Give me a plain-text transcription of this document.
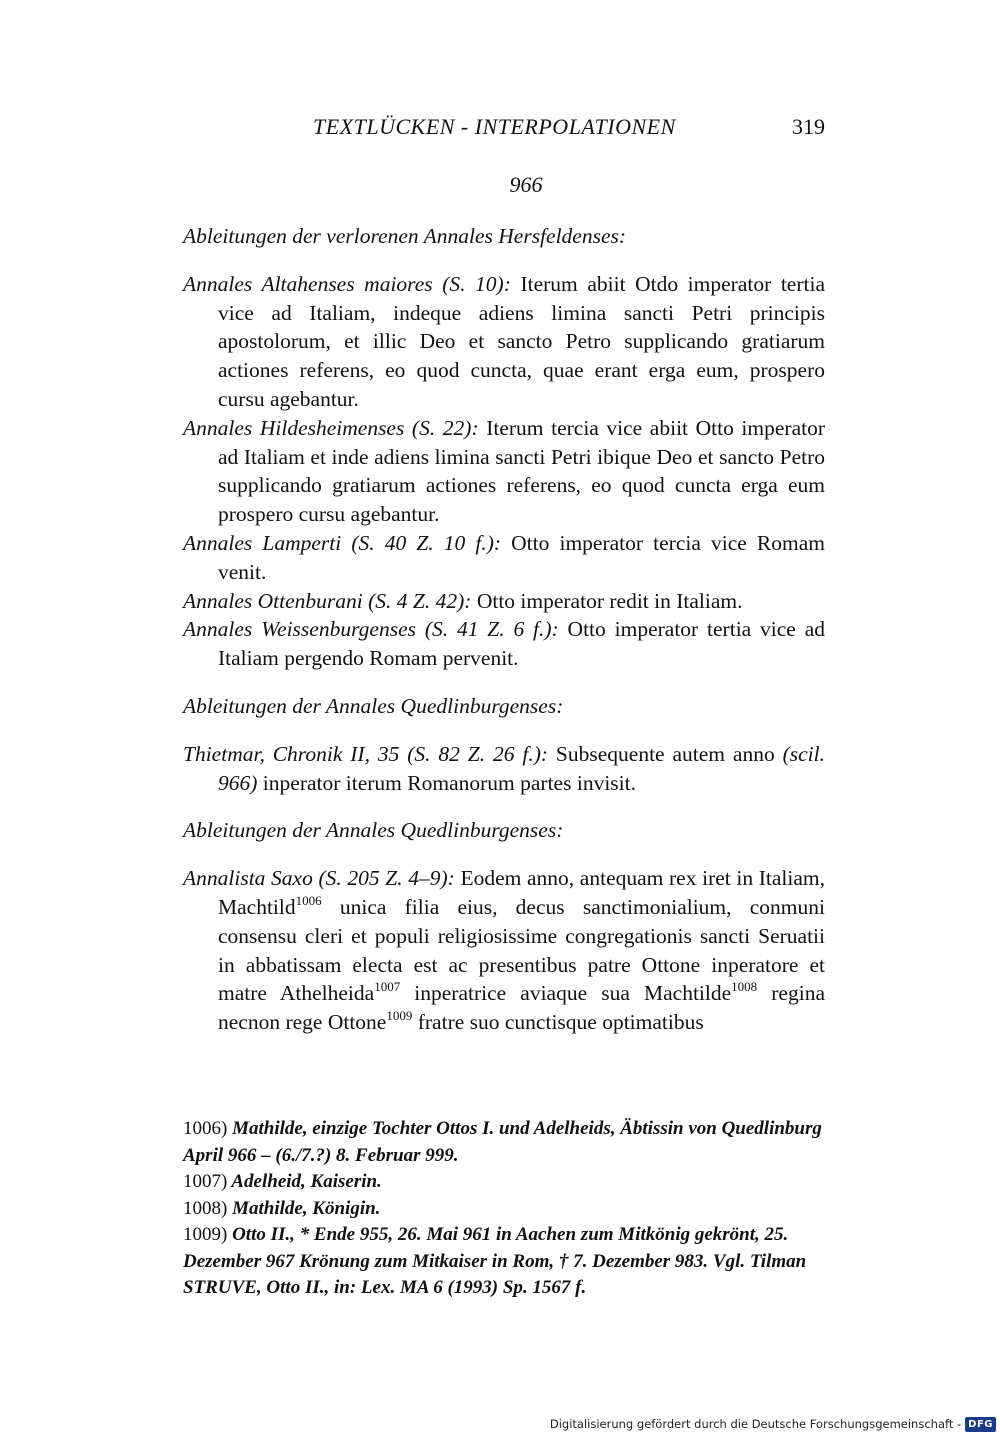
TEXTLÜCKEN - INTERPOLATIONEN	319
966

Ableitungen der verlorenen Annales Hersfeldenses:

Annales Altahenses maiores (S. 10): Iterum abiit Otdo imperator tertia vice ad Italiam, indeque adiens limina sancti Petri principis apostolorum, et illic Deo et sancto Petro supplicando gratiarum actiones referens, eo quod cuncta, quae erant erga eum, prospero cursu agebantur.

Annales Hildesheimenses (S. 22): Iterum tercia vice abiit Otto imperator ad Italiam et inde adiens limina sancti Petri ibique Deo et sancto Petro supplicando gratiarum actiones referens, eo quod cuncta erga eum prospero cursu agebantur.

Annales Lamperti (S. 40 Z. 10 f.): Otto imperator tercia vice Romam venit.

Annales Ottenburani (S. 4 Z. 42): Otto imperator redit in Italiam.

Annales Weissenburgenses (S. 41 Z. 6 f.): Otto imperator tertia vice ad Italiam pergendo Romam pervenit.

Ableitungen der Annales Quedlinburgenses:

Thietmar, Chronik II, 35 (S. 82 Z. 26 f.): Subsequente autem anno (scil. 966) inperator iterum Romanorum partes invisit.

Ableitungen der Annales Quedlinburgenses:

Annalista Saxo (S. 205 Z. 4–9): Eodem anno, antequam rex iret in Italiam, Machtild$^{1006}$ unica filia eius, decus sanctimonialium, conmuni consensu cleri et populi religiosissime congregationis sancti Seruatii in abbatissam electa est ac presentibus patre Ottone inperatore et matre Athelheida$^{1007}$ inperatrice aviaque sua Machtilde$^{1008}$ regina necnon rege Ottone$^{1009}$ fratre suo cunctisque optimatibus

1006) Mathilde, einzige Tochter Ottos I. und Adelheids, Äbtissin von Quedlinburg April 966 – (6./7.?) 8. Februar 999.

1007) Adelheid, Kaiserin.

1008) Mathilde, Königin.

1009) Otto II., * Ende 955, 26. Mai 961 in Aachen zum Mitkönig gekrönt, 25. Dezember 967 Krönung zum Mitkaiser in Rom, † 7. Dezember 983. Vgl. Tilman STRUVE, Otto II., in: Lex. MA 6 (1993) Sp. 1567 f.

Digitalisierung gefördert durch die Deutsche Forschungsgemeinschaft - DFG
